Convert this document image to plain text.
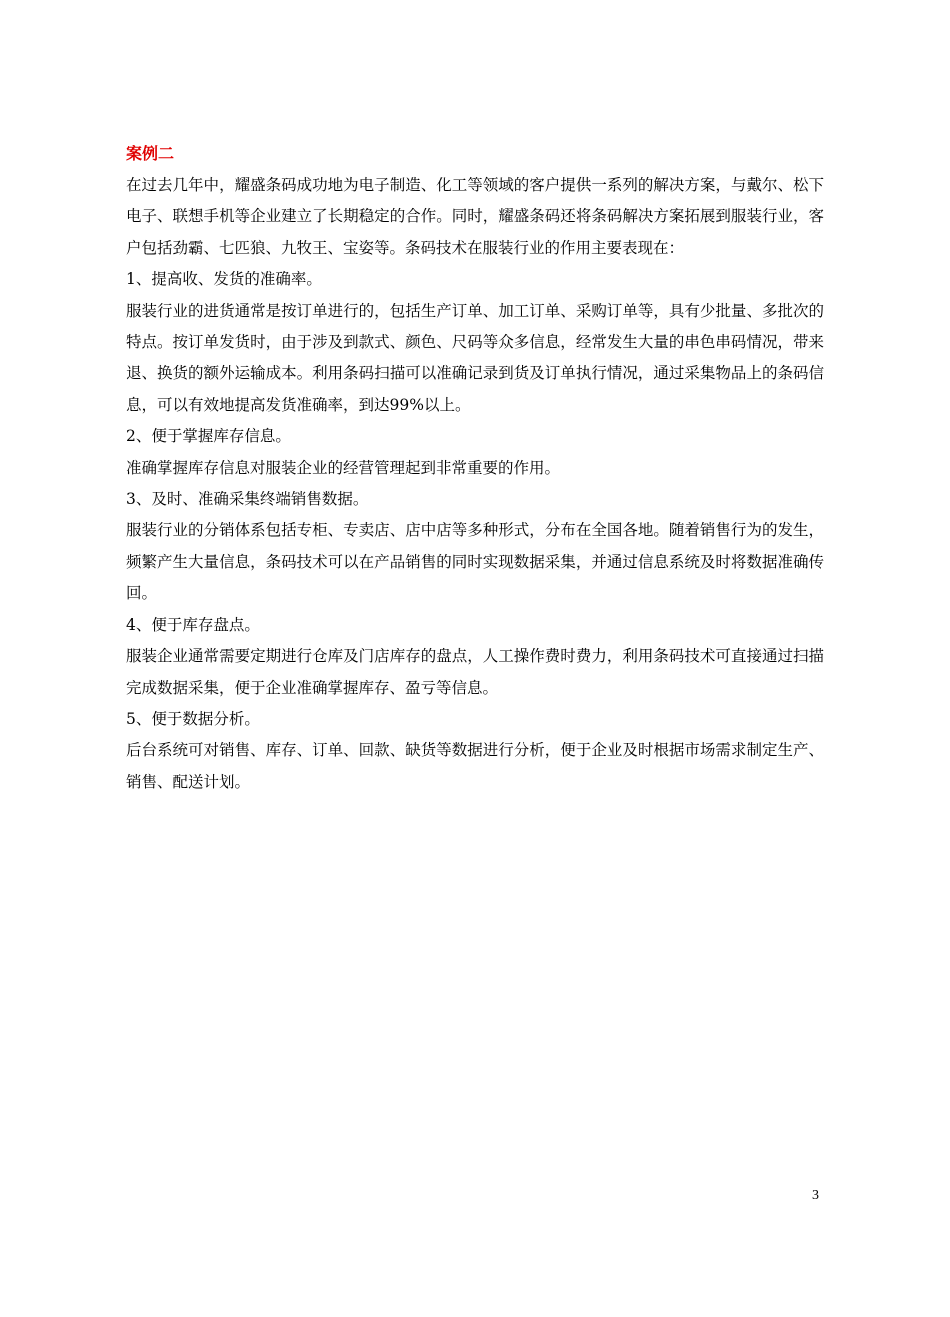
案例二

在过去几年中，耀盛条码成功地为电子制造、化工等领域的客户提供一系列的解决方案，与戴尔、松下电子、联想手机等企业建立了长期稳定的合作。同时，耀盛条码还将条码解决方案拓展到服装行业，客户包括劲霸、七匹狼、九牧王、宝姿等。条码技术在服装行业的作用主要表现在：

1、提高收、发货的准确率。

服装行业的进货通常是按订单进行的，包括生产订单、加工订单、采购订单等，具有少批量、多批次的特点。按订单发货时，由于涉及到款式、颜色、尺码等众多信息，经常发生大量的串色串码情况，带来退、换货的额外运输成本。利用条码扫描可以准确记录到货及订单执行情况，通过采集物品上的条码信息，可以有效地提高发货准确率，到达99%以上。

2、便于掌握库存信息。

准确掌握库存信息对服装企业的经营管理起到非常重要的作用。

3、及时、准确采集终端销售数据。

服装行业的分销体系包括专柜、专卖店、店中店等多种形式，分布在全国各地。随着销售行为的发生，频繁产生大量信息，条码技术可以在产品销售的同时实现数据采集，并通过信息系统及时将数据准确传回。

4、便于库存盘点。

服装企业通常需要定期进行仓库及门店库存的盘点，人工操作费时费力，利用条码技术可直接通过扫描完成数据采集，便于企业准确掌握库存、盈亏等信息。

5、便于数据分析。

后台系统可对销售、库存、订单、回款、缺货等数据进行分析，便于企业及时根据市场需求制定生产、销售、配送计划。

3
